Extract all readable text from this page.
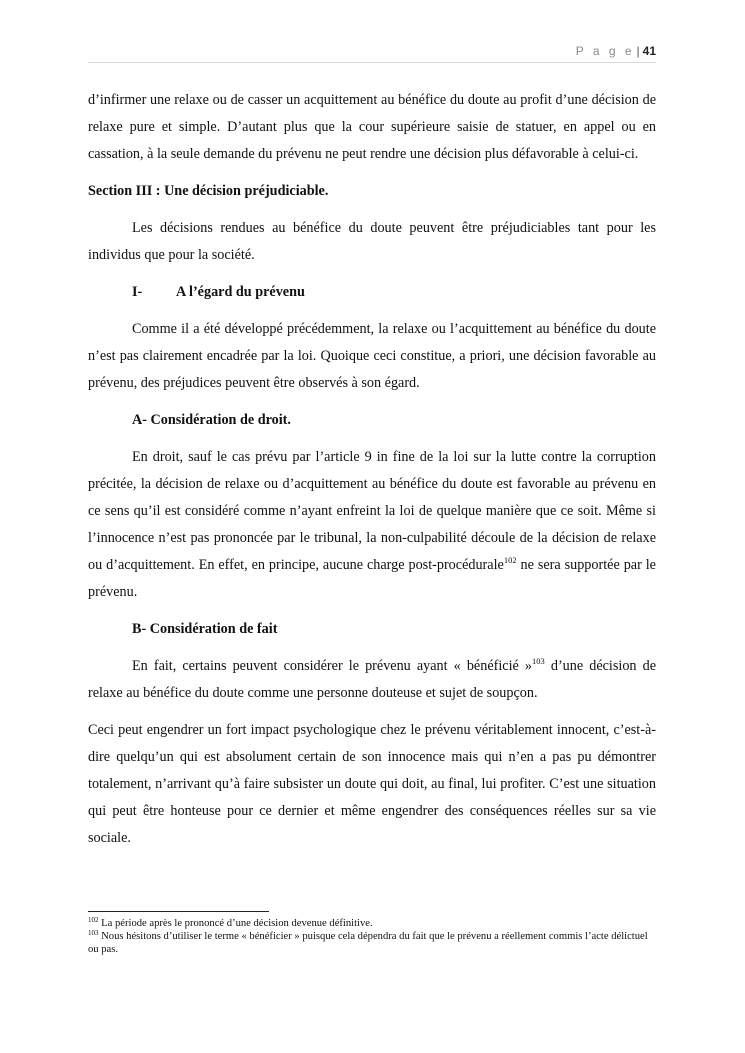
P a g e | 41

d’infirmer une relaxe ou de casser un acquittement au bénéfice du doute au profit d’une décision de relaxe pure et simple. D’autant plus que la cour supérieure saisie de statuer, en appel ou en cassation, à la seule demande du prévenu ne peut rendre une décision plus défavorable à celui-ci.

Section III : Une décision préjudiciable.

Les décisions rendues au bénéfice du doute peuvent être préjudiciables tant pour les individus que pour la société.

I- A l’égard du prévenu

Comme il a été développé précédemment, la relaxe ou l’acquittement au bénéfice du doute n’est pas clairement encadrée par la loi. Quoique ceci constitue, a priori, une décision favorable au prévenu, des préjudices peuvent être observés à son égard.

A- Considération de droit.

En droit, sauf le cas prévu par l’article 9 in fine de la loi sur la lutte contre la corruption précitée, la décision de relaxe ou d’acquittement au bénéfice du doute est favorable au prévenu en ce sens qu’il est considéré comme n’ayant enfreint la loi de quelque manière que ce soit. Même si l’innocence n’est pas prononcée par le tribunal, la non-culpabilité découle de la décision de relaxe ou d’acquittement. En effet, en principe, aucune charge post-procédurale$^{102}$ ne sera supportée par le prévenu.

B- Considération de fait

En fait, certains peuvent considérer le prévenu ayant « bénéficié »$^{103}$ d’une décision de relaxe au bénéfice du doute comme une personne douteuse et sujet de soupçon.

Ceci peut engendrer un fort impact psychologique chez le prévenu véritablement innocent, c’est-à-dire quelqu’un qui est absolument certain de son innocence mais qui n’en a pas pu démontrer totalement, n’arrivant qu’à faire subsister un doute qui doit, au final, lui profiter. C’est une situation qui peut être honteuse pour ce dernier et même engendrer des conséquences réelles sur sa vie sociale.

$^{102}$ La période après le prononcé d’une décision devenue définitive.
$^{103}$ Nous hésitons d’utiliser le terme « bénéficier » puisque cela dépendra du fait que le prévenu a réellement commis l’acte délictuel ou pas.
